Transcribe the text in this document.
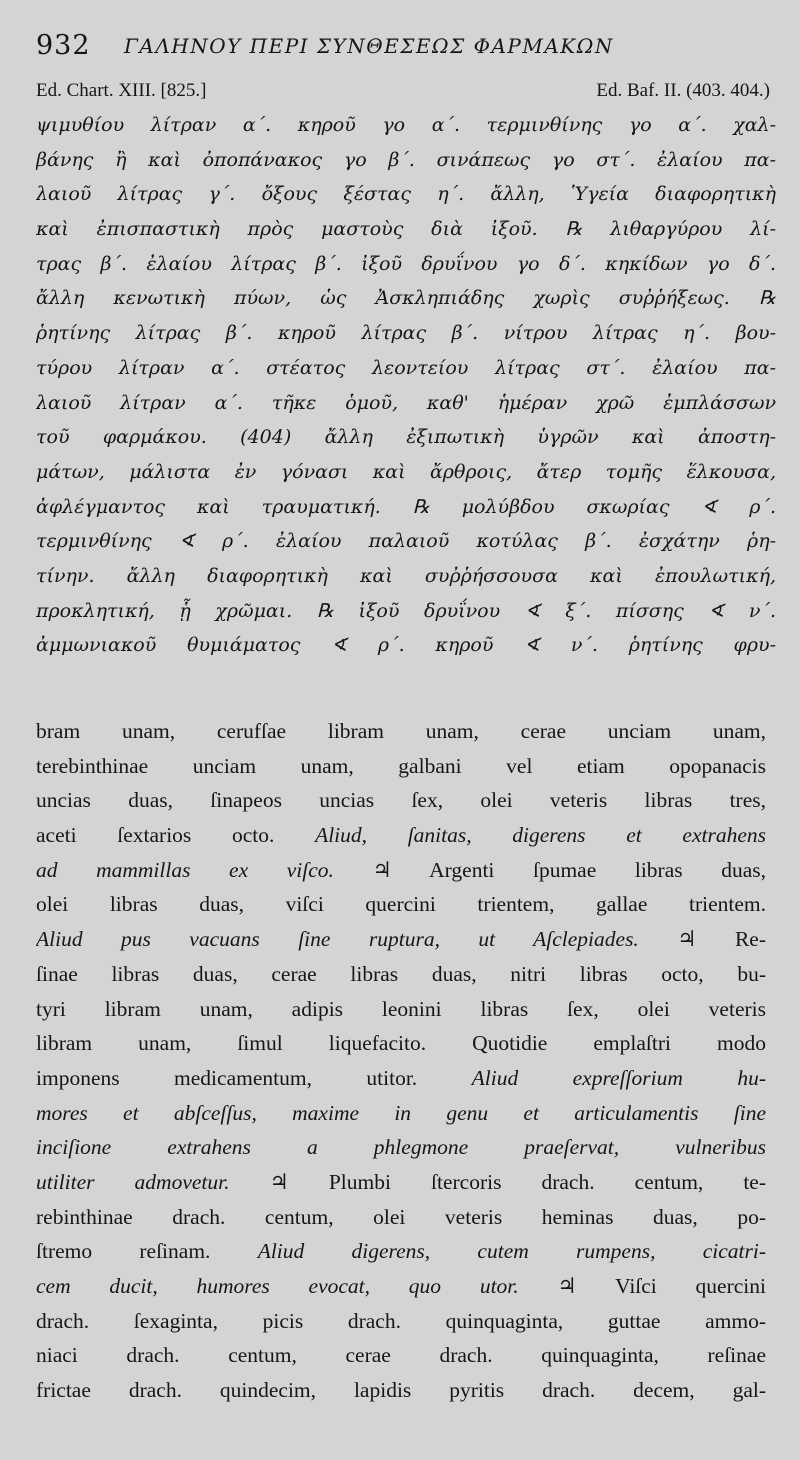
932 ΓΑΛΗΝΟΥ ΠΕΡΙ ΣΥΝΘΕΣΕΩΣ ΦΑΡΜΑΚΩΝ
Ed. Chart. XIII. [825.]	Ed. Baf. II. (403. 404.)
ψιμυθίου λίτραν α΄. κηροῦ γο α΄. τερμινθίνης γο α΄. χαλ-
βάνης ἢ καὶ ὀποπάνακος γο β΄. σινάπεως γο στ΄. ἐλαίου πα-
λαιοῦ λίτρας γ΄. ὄξους ξέστας η΄. ἄλλη, Ὑγεία διαφορητικὴ
καὶ ἐπισπαστικὴ πρὸς μαστοὺς διὰ ἰξοῦ. ℞ λιθαργύρου λί-
τρας β΄. ἐλαίου λίτρας β΄. ἰξοῦ δρυΐνου γο δ΄. κηκίδων γο δ΄.
ἄλλη κενωτικὴ πύων, ὡς Ἀσκληπιάδης χωρὶς συῤῥήξεως. ℞
ῥητίνης λίτρας β΄. κηροῦ λίτρας β΄. νίτρου λίτρας η΄. βου-
τύρου λίτραν α΄. στέατος λεοντείου λίτρας στ΄. ἐλαίου πα-
λαιοῦ λίτραν α΄. τῆκε ὁμοῦ, καθ' ἡμέραν χρῶ ἐμπλάσσων
τοῦ φαρμάκου. (404) ἄλλη ἐξιπωτικὴ ὑγρῶν καὶ ἀποστη-
μάτων, μάλιστα ἐν γόνασι καὶ ἄρθροις, ἄτερ τομῆς ἕλκουσα,
ἀφλέγμαντος καὶ τραυματική. ℞ μολύβδου σκωρίας ∢ ρ΄.
τερμινθίνης ∢ ρ΄. ἐλαίου παλαιοῦ κοτύλας β΄. ἐσχάτην ῥη-
τίνην. ἄλλη διαφορητικὴ καὶ συῤῥήσσουσα καὶ ἐπουλωτική,
προκλητική, ᾗ χρῶμαι. ℞ ἰξοῦ δρυΐνου ∢ ξ΄. πίσσης ∢ ν΄.
ἀμμωνιακοῦ θυμιάματος ∢ ρ΄. κηροῦ ∢ ν΄. ῥητίνης φρυ-
bram unam, cerufſae libram unam, cerae unciam unam,
terebinthinae unciam unam, galbani vel etiam opopanacis
uncias duas, ſinapeos uncias ſex, olei veteris libras tres,
aceti ſextarios octo. Aliud, ſanitas, digerens et extrahens
ad mammillas ex viſco. ♃ Argenti ſpumae libras duas,
olei libras duas, viſci quercini trientem, gallae trientem.
Aliud pus vacuans ſine ruptura, ut Aſclepiades. ♃ Re-
ſinae libras duas, cerae libras duas, nitri libras octo, bu-
tyri libram unam, adipis leonini libras ſex, olei veteris
libram unam, ſimul liquefacito. Quotidie emplaſtri modo
imponens medicamentum, utitor. Aliud expreſſorium hu-
mores et abſceſſus, maxime in genu et articulamentis ſine
inciſione extrahens a phlegmone praeſervat, vulneribus
utiliter admovetur. ♃ Plumbi ſtercoris drach. centum, te-
rebinthinae drach. centum, olei veteris heminas duas, po-
ſtremo reſinam. Aliud digerens, cutem rumpens, cicatri-
cem ducit, humores evocat, quo utor. ♃ Viſci quercini
drach. ſexaginta, picis drach. quinquaginta, guttae ammo-
niaci drach. centum, cerae drach. quinquaginta, reſinae
frictae drach. quindecim, lapidis pyritis drach. decem, gal-
